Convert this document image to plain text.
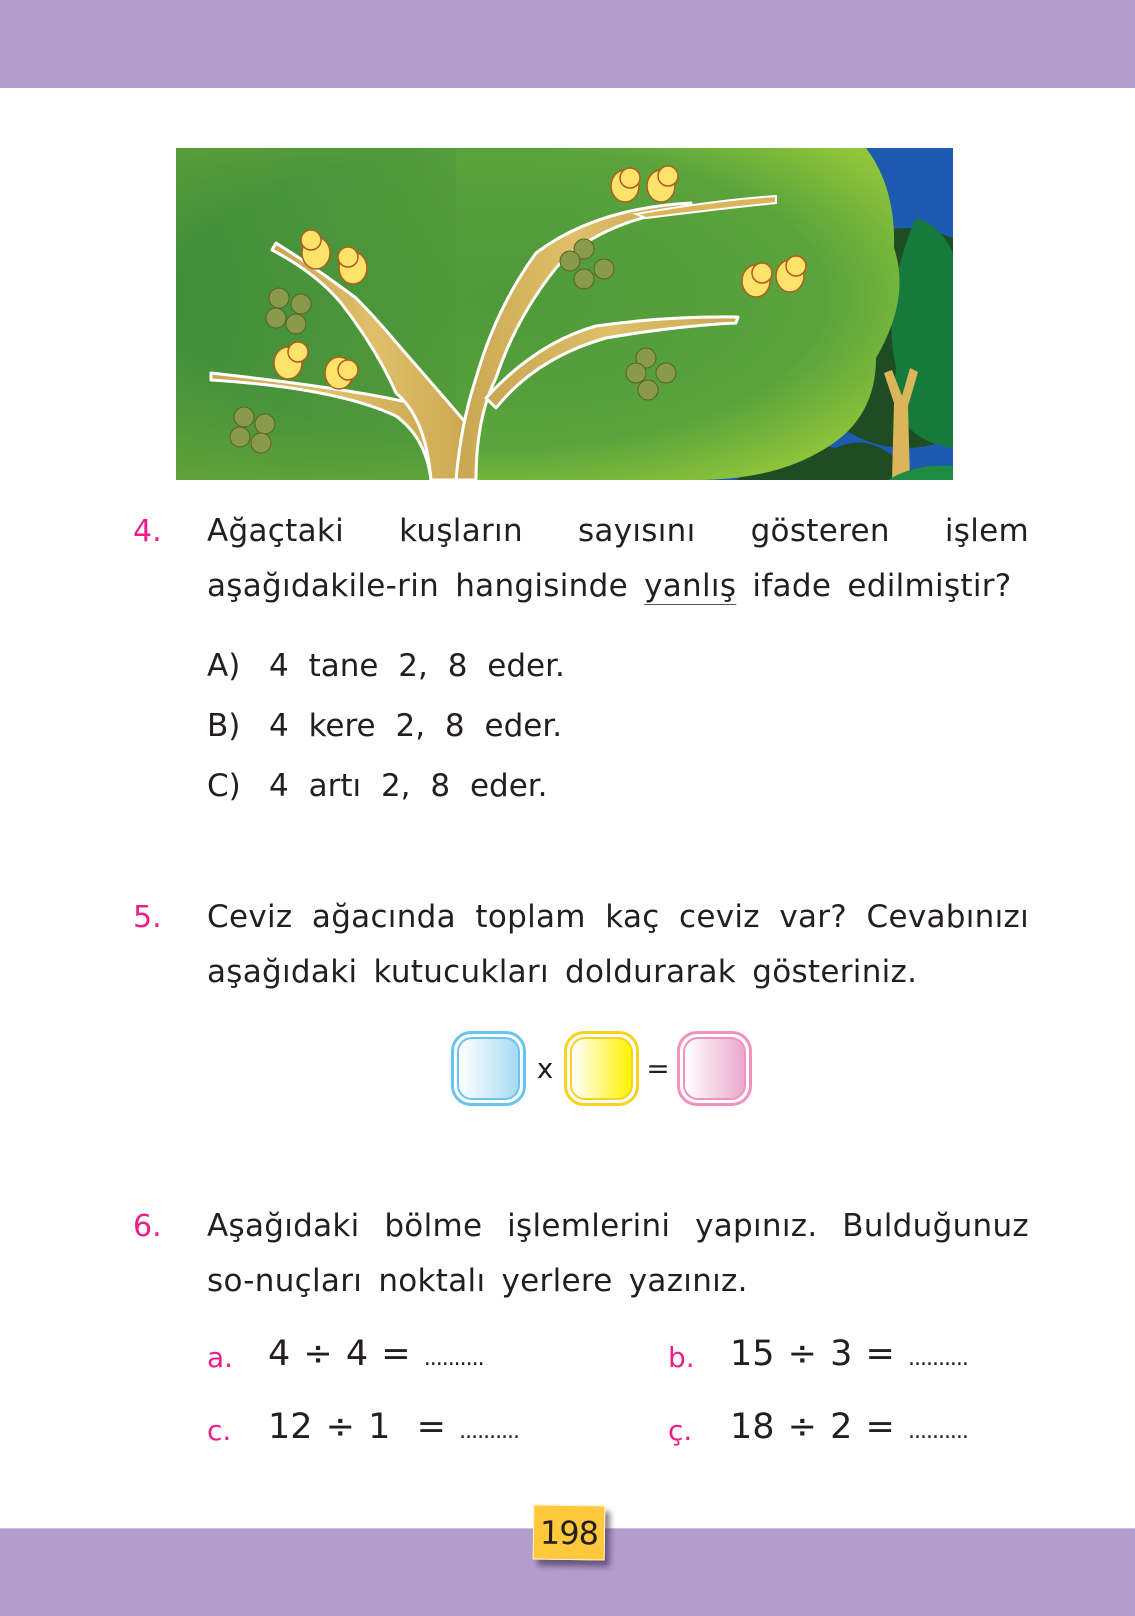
4. Ağaçtaki kuşların sayısını gösteren işlem aşağıdakile-rin hangisinde yanlış ifade edilmiştir?
A) 4 tane 2, 8 eder.
B) 4 kere 2, 8 eder.
C) 4 artı 2, 8 eder.
5. Ceviz ağacında toplam kaç ceviz var? Cevabınızı aşağıdaki kutucukları doldurarak gösteriniz.
x	=
6. Aşağıdaki bölme işlemlerini yapınız. Bulduğunuz so-nuçları noktalı yerlere yazınız.
a. 4 ÷ 4 = ..........	b. 15 ÷ 3 = ..........
c. 12 ÷ 1  = ..........	ç. 18 ÷ 2 = ..........
198
